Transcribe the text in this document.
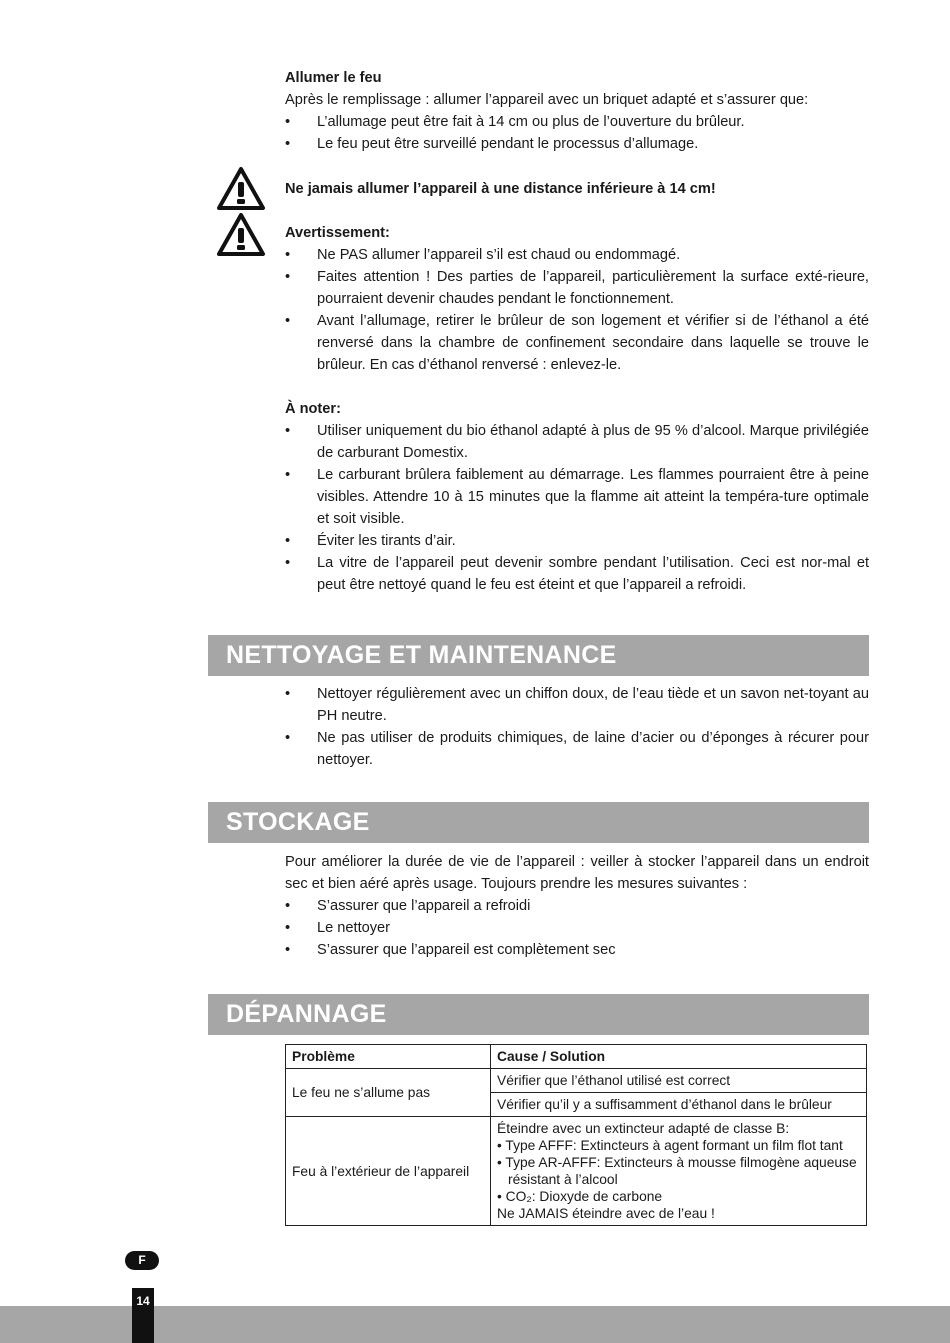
Allumer le feu
Après le remplissage : allumer l’appareil avec un briquet adapté et s’assurer que:
•	L’allumage peut être fait à 14 cm ou plus de l’ouverture du brûleur.
•	Le feu peut être surveillé pendant le processus d’allumage.
Ne jamais allumer l’appareil à une distance inférieure à 14 cm!
Avertissement:
•	Ne PAS allumer l’appareil s’il est chaud ou endommagé.
•	Faites attention ! Des parties de l’appareil, particulièrement la surface exté-rieure, pourraient devenir chaudes pendant le fonctionnement.
•	Avant l’allumage, retirer le brûleur de son logement et vérifier si de l’éthanol a été renversé dans la chambre de confinement secondaire dans laquelle se trouve le brûleur. En cas d’éthanol renversé : enlevez-le.
À noter:
•	Utiliser uniquement du bio éthanol adapté à plus de 95 % d’alcool. Marque privilégiée de carburant Domestix.
•	Le carburant brûlera faiblement au démarrage. Les flammes pourraient être à peine visibles. Attendre 10 à 15 minutes que la flamme ait atteint la tempéra-ture optimale et soit visible.
•	Éviter les tirants d’air.
•	La vitre de l’appareil peut devenir sombre pendant l’utilisation. Ceci est nor-mal et peut être nettoyé quand le feu est éteint et que l’appareil a refroidi.
NETTOYAGE ET MAINTENANCE
•	Nettoyer régulièrement avec un chiffon doux, de l’eau tiède et un savon net-toyant au PH neutre.
•	Ne pas utiliser de produits chimiques, de laine d’acier ou d’éponges à récurer pour nettoyer.
STOCKAGE
Pour améliorer la durée de vie de l’appareil : veiller à stocker l’appareil dans un endroit sec et bien aéré après usage. Toujours prendre les mesures suivantes :
•	S’assurer que l’appareil a refroidi
•	Le nettoyer
•	S’assurer que l’appareil est complètement sec
DÉPANNAGE
Problème	Cause / Solution
Le feu ne s’allume pas	Vérifier que l’éthanol utilisé est correct
	Vérifier qu’il y a suffisamment d’éthanol dans le brûleur
Feu à l’extérieur de l’appareil	Éteindre avec un extincteur adapté de classe B:
• Type AFFF: Extincteurs à agent formant un film flot tant
• Type AR-AFFF: Extincteurs à mousse filmogène aqueuse résistant à l’alcool
• CO₂: Dioxyde de carbone
Ne JAMAIS éteindre avec de l’eau !
F
14
